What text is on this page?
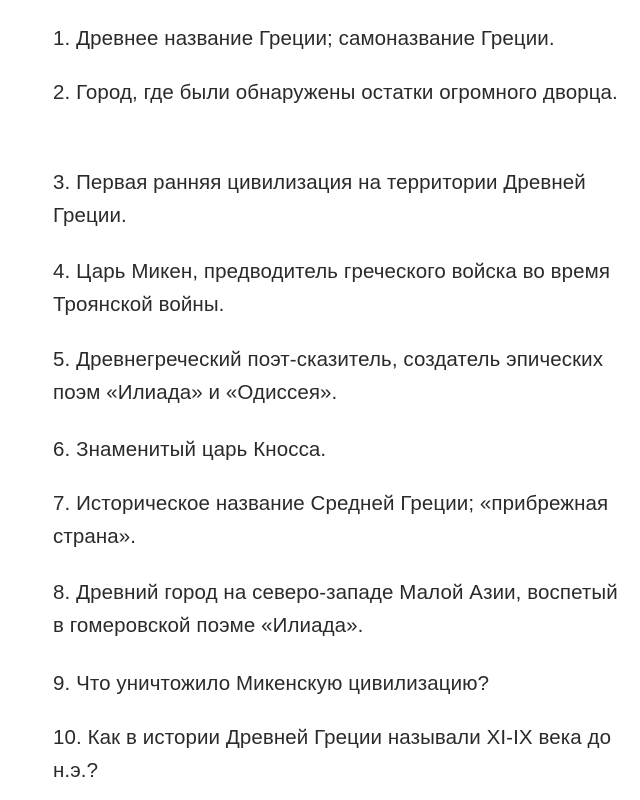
1. Древнее название Греции; самоназвание Греции.

2. Город, где были обнаружены остатки огромного дворца.

3. Первая ранняя цивилизация на территории Древней Греции.

4. Царь Микен, предводитель греческого войска во время Троянской войны.

5. Древнегреческий поэт-сказитель, создатель эпических поэм «Илиада» и «Одиссея».

6. Знаменитый царь Кносса.

7. Историческое название Средней Греции; «прибрежная страна».

8. Древний город на северо-западе Малой Азии, воспетый в гомеровской поэме «Илиада».

9. Что уничтожило Микенскую цивилизацию?

10. Как в истории Древней Греции называли XI-IX века до н.э.?
